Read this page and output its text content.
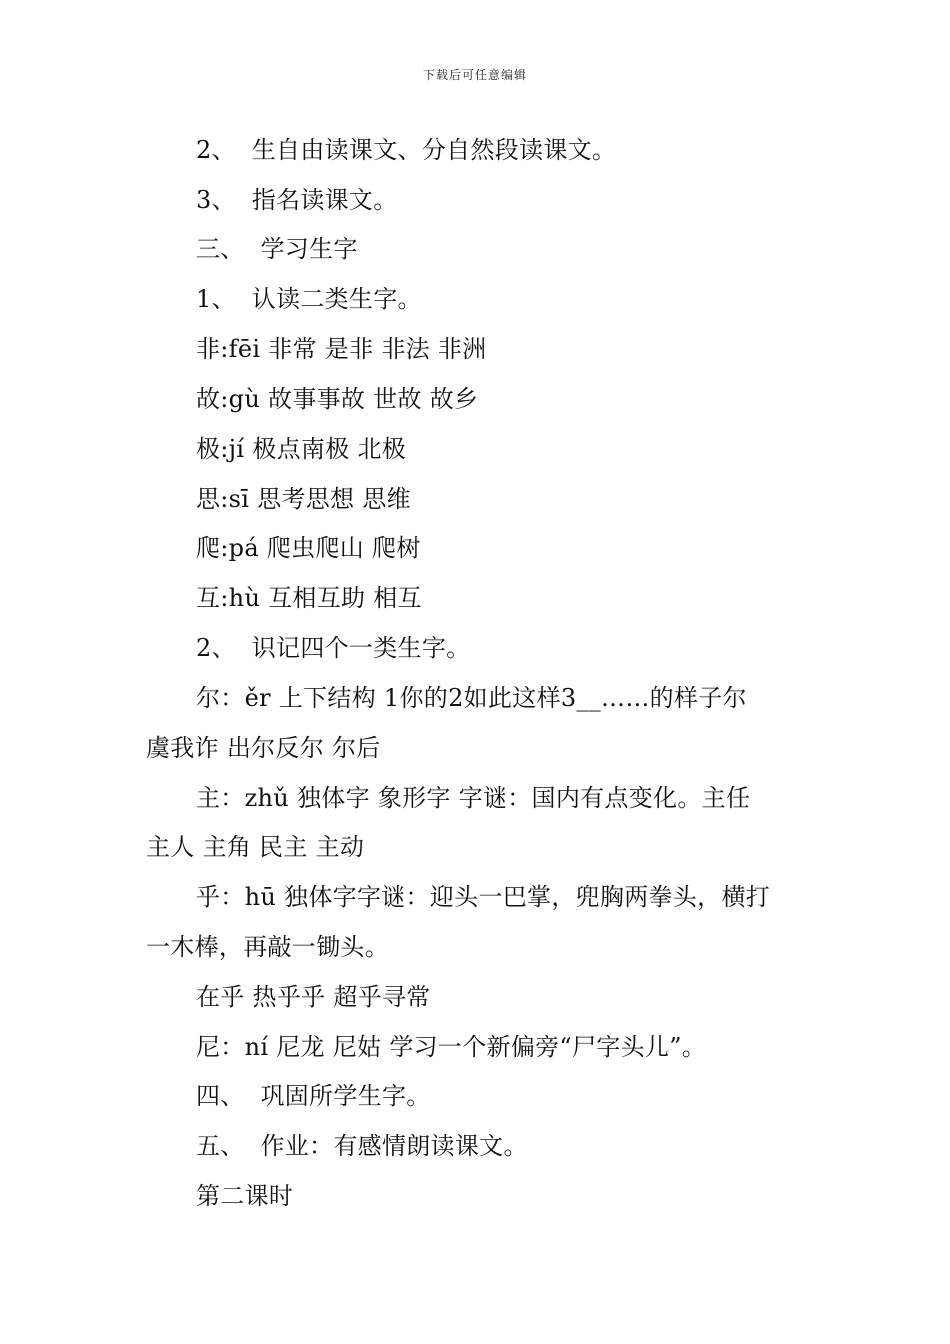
下载后可任意编辑
2、  生自由读课文、分自然段读课文。
3、  指名读课文。
三、  学习生字
1、  认读二类生字。
非:fēi 非常 是非 非法 非洲
故:gù 故事事故 世故 故乡
极:jí 极点南极 北极
思:sī 思考思想 思维
爬:pá 爬虫爬山 爬树
互:hù 互相互助 相互
2、  识记四个一类生字。
尔：ěr 上下结构 1你的2如此这样3__……的样子尔
虞我诈 出尔反尔 尔后
主：zhǔ 独体字 象形字 字谜：国内有点变化。主任
主人 主角 民主 主动
乎：hū 独体字字谜：迎头一巴掌，兜胸两拳头，横打
一木棒，再敲一锄头。
在乎 热乎乎 超乎寻常
尼：ní 尼龙 尼姑 学习一个新偏旁“尸字头儿”。
四、  巩固所学生字。
五、  作业：有感情朗读课文。
第二课时
